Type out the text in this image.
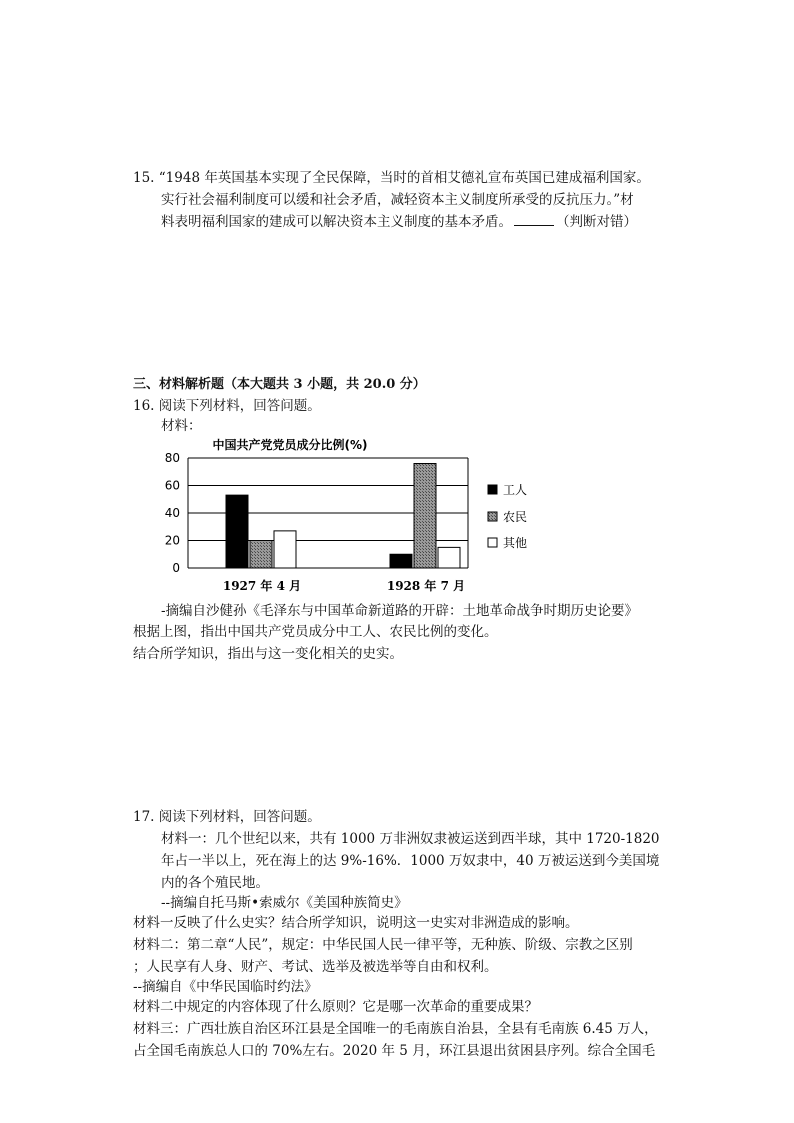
15. “1948 年英国基本实现了全民保障，当时的首相艾德礼宣布英国已建成福利国家。
实行社会福利制度可以缓和社会矛盾，减轻资本主义制度所承受的反抗压力。”材
料表明福利国家的建成可以解决资本主义制度的基本矛盾。	（判断对错）
三、材料解析题（本大题共 3 小题，共 20.0 分）
16. 阅读下列材料，回答问题。
材料：
中国共产党党员成分比例(%)
0
20
40
60
80
1927 年 4 月	1928 年 7 月
工人
农民
其他
-摘编自沙健孙《毛泽东与中国革命新道路的开辟：土地革命战争时期历史论要》
根据上图，指出中国共产党员成分中工人、农民比例的变化。
结合所学知识，指出与这一变化相关的史实。
17. 阅读下列材料，回答问题。
材料一：几个世纪以来，共有 1000 万非洲奴隶被运送到西半球，其中 1720-1820
年占一半以上，死在海上的达 9%-16%．1000 万奴隶中，40 万被运送到今美国境
内的各个殖民地。
--摘编自托马斯•索威尔《美国种族简史》
材料一反映了什么史实？结合所学知识，说明这一史实对非洲造成的影响。
材料二：第二章“人民”，规定：中华民国人民一律平等，无种族、阶级、宗教之区别
；人民享有人身、财产、考试、选举及被选举等自由和权利。
--摘编自《中华民国临时约法》
材料二中规定的内容体现了什么原则？它是哪一次革命的重要成果？
材料三：广西壮族自治区环江县是全国唯一的毛南族自治县，全县有毛南族 6.45 万人，
占全国毛南族总人口的 70%左右。2020 年 5 月，环江县退出贫困县序列。综合全国毛
